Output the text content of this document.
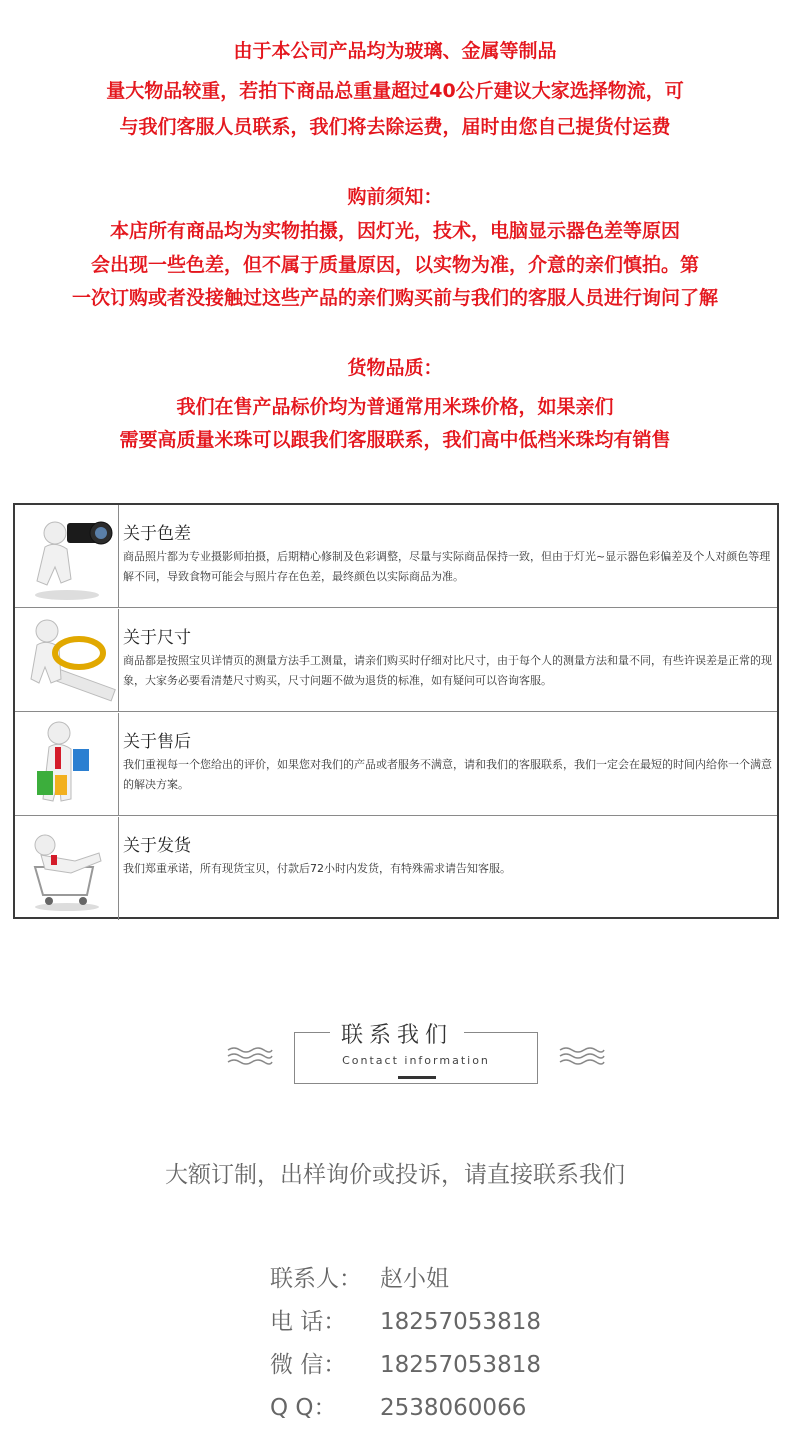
由于本公司产品均为玻璃、金属等制品
量大物品较重，若拍下商品总重量超过40公斤建议大家选择物流，可
与我们客服人员联系，我们将去除运费，届时由您自己提货付运费
购前须知：
本店所有商品均为实物拍摄，因灯光，技术，电脑显示器色差等原因
会出现一些色差，但不属于质量原因，以实物为准，介意的亲们慎拍。第
一次订购或者没接触过这些产品的亲们购买前与我们的客服人员进行询问了解
货物品质：
我们在售产品标价均为普通常用米珠价格，如果亲们
需要高质量米珠可以跟我们客服联系，我们高中低档米珠均有销售
关于色差
商品照片都为专业摄影师拍摄，后期精心修制及色彩调整，尽量与实际商品保持一致，但由于灯光~显示器色彩偏差及个人对颜色等理解不同，导致食物可能会与照片存在色差，最终颜色以实际商品为准。
关于尺寸
商品都是按照宝贝详情页的测量方法手工测量，请亲们购买时仔细对比尺寸，由于每个人的测量方法和量不同，有些许误差是正常的现象，大家务必要看清楚尺寸购买，尺寸问题不做为退货的标准，如有疑问可以咨询客服。
关于售后
我们重视每一个您给出的评价，如果您对我们的产品或者服务不满意，请和我们的客服联系，我们一定会在最短的时间内给你一个满意的解决方案。
关于发货
我们郑重承诺，所有现货宝贝，付款后72小时内发货，有特殊需求请告知客服。
联系我们
Contact information
大额订制，出样询价或投诉，请直接联系我们
联系人： 赵小姐
电 话： 18257053818
微 信： 18257053818
Q Q： 2538060066
